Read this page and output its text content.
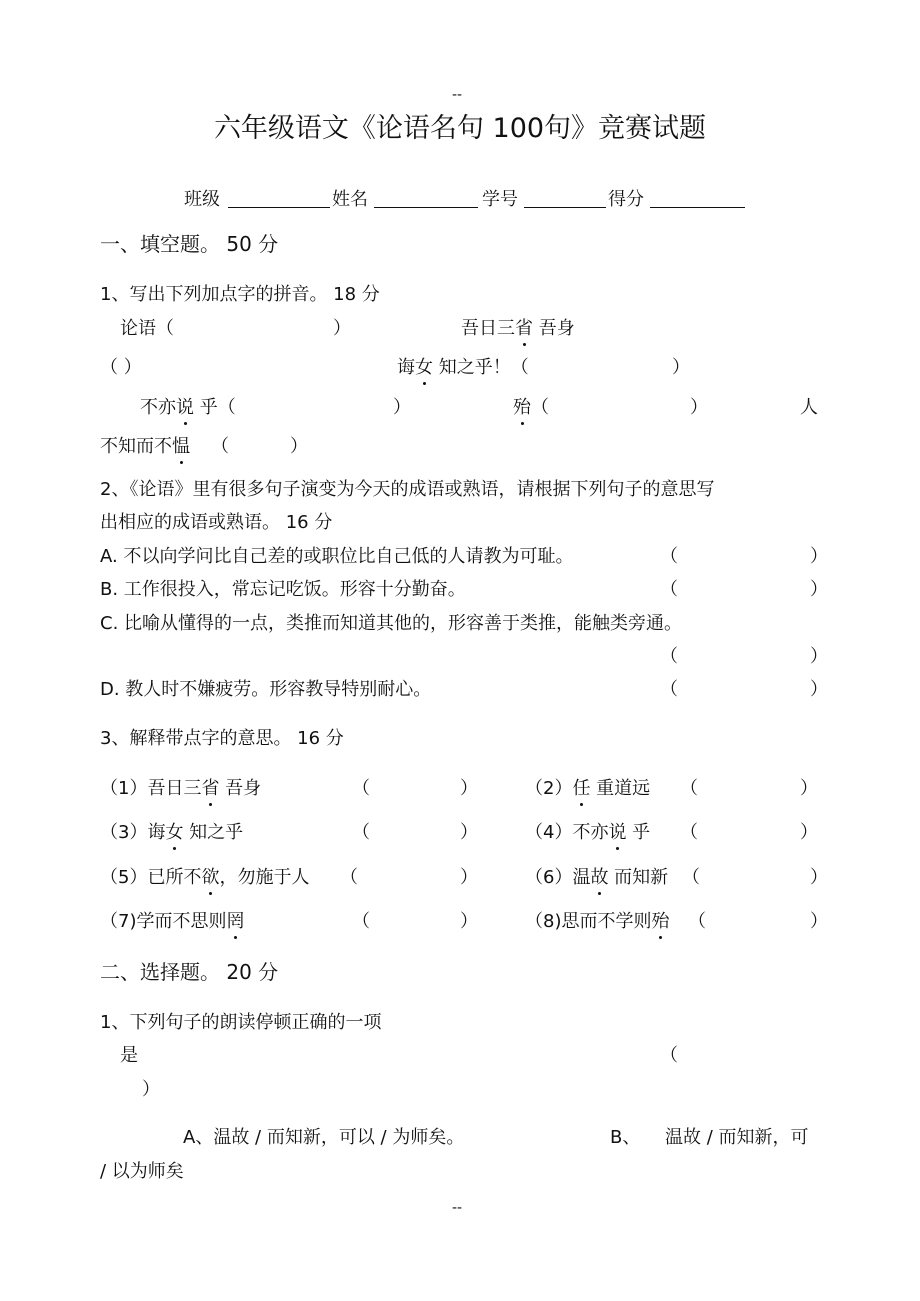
--
六年级语文《论语名句 100句》竞赛试题
班级	姓名	学号	得分
一、填空题。 50 分
1、写出下列加点字的拼音。 18 分
论语（	）	吾日三省 吾身
（ ）	诲女 知之乎！（	）
不亦说 乎（	）	殆（	）	人
不知而不愠 （	）
2、《论语》里有很多句子演变为今天的成语或熟语，请根据下列句子的意思写
出相应的成语或熟语。 16 分
A. 不以向学问比自己差的或职位比自己低的人请教为可耻。	（	）
B. 工作很投入，常忘记吃饭。形容十分勤奋。	（	）
C. 比喻从懂得的一点，类推而知道其他的，形容善于类推，能触类旁通。
（	）
D. 教人时不嫌疲劳。形容教导特别耐心。	（	）
3、解释带点字的意思。 16 分
（1）吾日三省 吾身	（	）	（2）任 重道远 （	）
（3）诲女 知之乎	（	）	（4）不亦说 乎 （	）
（5）已所不欲，勿施于人 （	）	（6）温故 而知新 （	）
（7)学而不思则罔	（	）	（8)思而不学则殆 （	）
二、选择题。 20 分
1、下列句子的朗读停顿正确的一项
是	（
）
A、温故 / 而知新，可以 / 为师矣。	B、 温故 / 而知新，可
/ 以为师矣
--
